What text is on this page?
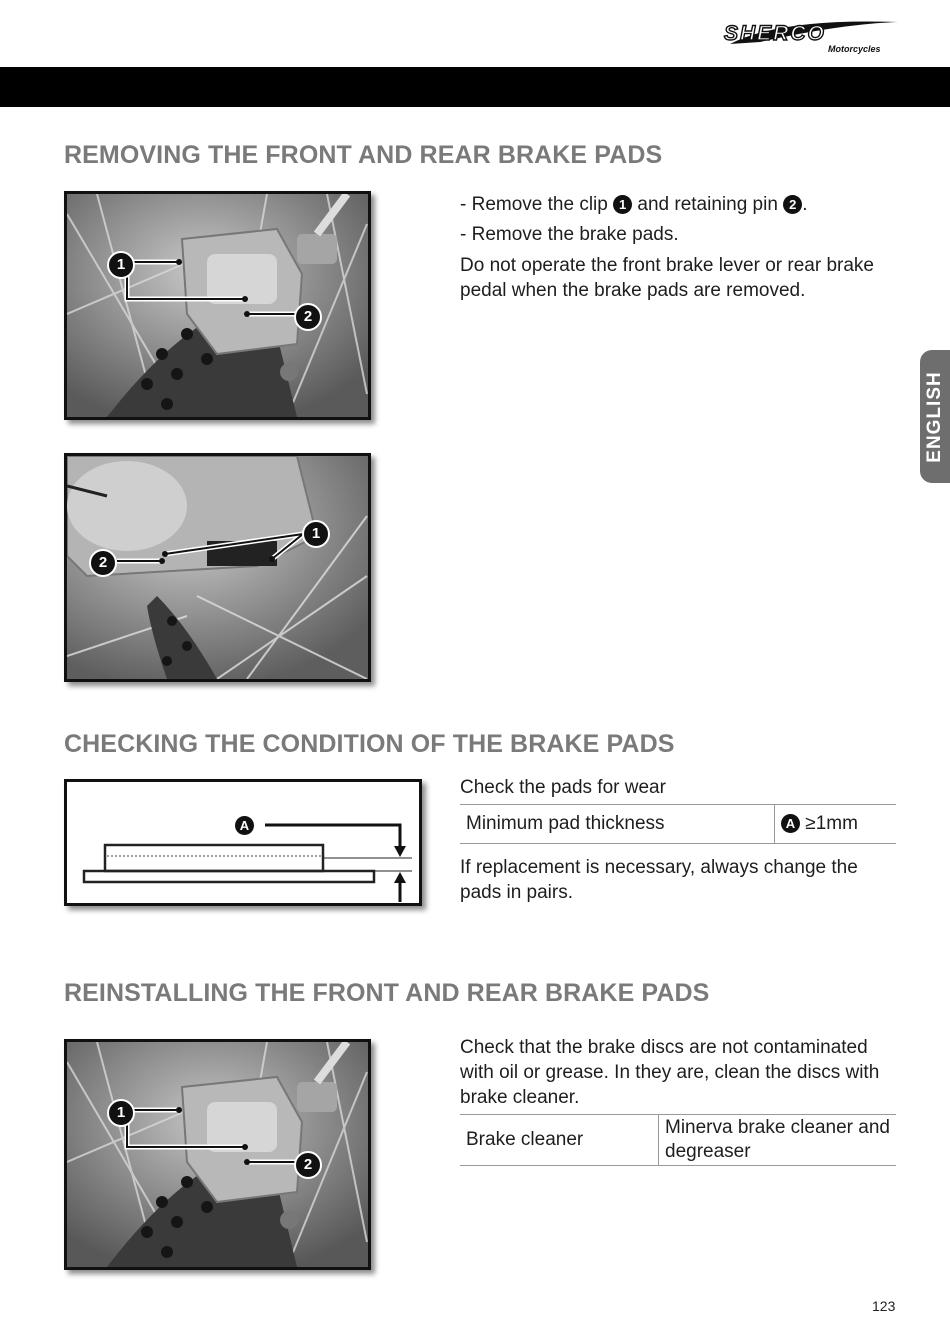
SHERCO
Motorcycles
REMOVING THE FRONT AND REAR BRAKE PADS
1
2

- Remove the clip 1 and retaining pin 2 .

- Remove the brake pads.

Do not operate the front brake lever or rear brake pedal when the brake pads are removed.

1
2
CHECKING THE CONDITION OF THE BRAKE PADS
A

Check the pads for wear

Minimum pad thickness	A ≥1mm

If replacement is necessary, always change the pads in pairs.

REINSTALLING THE FRONT AND REAR BRAKE PADS
1
2

Check that the brake discs are not contaminated with oil or grease. In they are, clean the discs with brake cleaner.

Brake cleaner	Minerva brake cleaner and degreaser
ENGLISH
123
